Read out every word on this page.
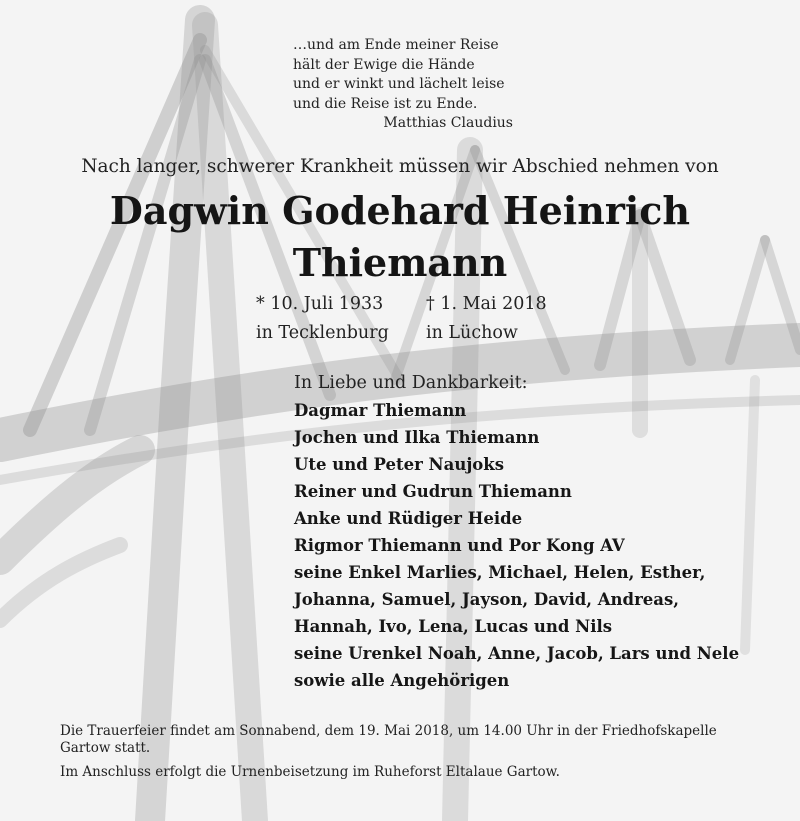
…und am Ende meiner Reise
hält der Ewige die Hände
und er winkt und lächelt leise
und die Reise ist zu Ende.
Matthias Claudius
Nach langer, schwerer Krankheit müssen wir Abschied nehmen von
Dagwin Godehard Heinrich
Thiemann
* 10. Juli 1933
in Tecklenburg
† 1. Mai 2018
in Lüchow
In Liebe und Dankbarkeit:
Dagmar Thiemann
Jochen und Ilka Thiemann
Ute und Peter Naujoks
Reiner und Gudrun Thiemann
Anke und Rüdiger Heide
Rigmor Thiemann und Por Kong AV
seine Enkel Marlies, Michael, Helen, Esther,
Johanna, Samuel, Jayson, David, Andreas,
Hannah, Ivo, Lena, Lucas und Nils
seine Urenkel Noah, Anne, Jacob, Lars und Nele
sowie alle Angehörigen
Die Trauerfeier findet am Sonnabend, dem 19. Mai 2018, um 14.00 Uhr in der Friedhofskapelle Gartow statt.
Im Anschluss erfolgt die Urnenbeisetzung im Ruheforst Eltalaue Gartow.
